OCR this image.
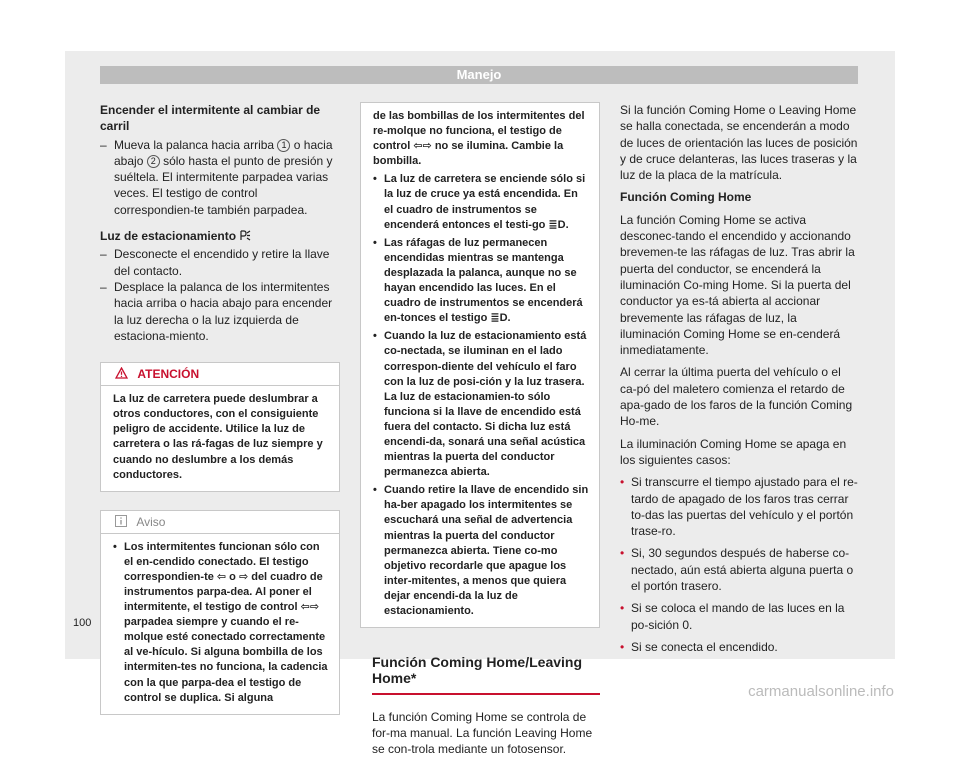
Manejo

Encender el intermitente al cambiar de carril

– Mueva la palanca hacia arriba 1 o hacia abajo 2 sólo hasta el punto de presión y suéltela. El intermitente parpadea varias veces. El testigo de control correspondien-te también parpadea.

Luz de estacionamiento

– Desconecte el encendido y retire la llave del contacto.

– Desplace la palanca de los intermitentes hacia arriba o hacia abajo para encender la luz derecha o la luz izquierda de estaciona-miento.

ATENCIÓN
La luz de carretera puede deslumbrar a otros conductores, con el consiguiente peligro de accidente. Utilice la luz de carretera o las rá-fagas de luz siempre y cuando no deslumbre a los demás conductores.
Aviso

• Los intermitentes funcionan sólo con el en-cendido conectado. El testigo correspondien-te ⇦ o ⇨ del cuadro de instrumentos parpa-dea. Al poner el intermitente, el testigo de control ⇦⇨ parpadea siempre y cuando el re-molque esté conectado correctamente al ve-hículo. Si alguna bombilla de los intermiten-tes no funciona, la cadencia con la que parpa-dea el testigo de control se duplica. Si alguna

de las bombillas de los intermitentes del re-molque no funciona, el testigo de control ⇦⇨ no se ilumina. Cambie la bombilla.

• La luz de carretera se enciende sólo si la luz de cruce ya está encendida. En el cuadro de instrumentos se encenderá entonces el testi-go ≣D.

• Las ráfagas de luz permanecen encendidas mientras se mantenga desplazada la palanca, aunque no se hayan encendido las luces. En el cuadro de instrumentos se encenderá en-tonces el testigo ≣D.

• Cuando la luz de estacionamiento está co-nectada, se iluminan en el lado correspon-diente del vehículo el faro con la luz de posi-ción y la luz trasera. La luz de estacionamien-to sólo funciona si la llave de encendido está fuera del contacto. Si dicha luz está encendi-da, sonará una señal acústica mientras la puerta del conductor permanezca abierta.

• Cuando retire la llave de encendido sin ha-ber apagado los intermitentes se escuchará una señal de advertencia mientras la puerta del conductor permanezca abierta. Tiene co-mo objetivo recordarle que apague los inter-mitentes, a menos que quiera dejar encendi-da la luz de estacionamiento.

Función Coming Home/Leaving Home*

La función Coming Home se controla de for-ma manual. La función Leaving Home se con-trola mediante un fotosensor.

Si la función Coming Home o Leaving Home se halla conectada, se encenderán a modo de luces de orientación las luces de posición y de cruce delanteras, las luces traseras y la luz de la placa de la matrícula.

Función Coming Home

La función Coming Home se activa desconec-tando el encendido y accionando brevemen-te las ráfagas de luz. Tras abrir la puerta del conductor, se encenderá la iluminación Co-ming Home. Si la puerta del conductor ya es-tá abierta al accionar brevemente las ráfagas de luz, la iluminación Coming Home se en-cenderá inmediatamente.

Al cerrar la última puerta del vehículo o el ca-pó del maletero comienza el retardo de apa-gado de los faros de la función Coming Ho-me.

La iluminación Coming Home se apaga en los siguientes casos:

• Si transcurre el tiempo ajustado para el re-tardo de apagado de los faros tras cerrar to-das las puertas del vehículo y el portón trase-ro.

• Si, 30 segundos después de haberse co-nectado, aún está abierta alguna puerta o el portón trasero.

• Si se coloca el mando de las luces en la po-sición 0.

• Si se conecta el encendido.

100
carmanualsonline.info
